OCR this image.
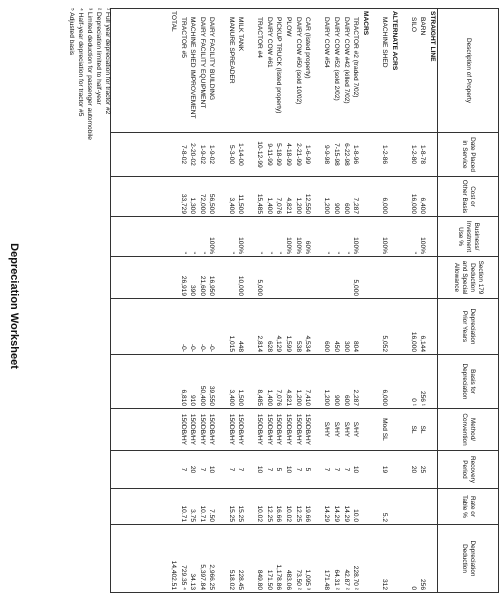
Depreciation Worksheet
Description of Property	Date Placed in Service	Cost or Other Basis	Business/ Investment Use %	Section 179 Deduction and Special Allowance	Depreciation Prior Years	Basis for Depreciation	Method/ Convention	Recovery Period	Rate or Table %	Depreciation Deduction
STRAIGHT LINE										
BARN	1-8-78	6,400	100%		6,144	256 ¹	SL	25		256
SILO	1-2-80	16,000	"		16,000	0 ¹	SL	20		0

ALTERNATE ACRS										
MACHINE SHED	1-2-86	6,000	100%		5,052	6,000	Mod SL	19	5.2	312

MACRS										
TRACTOR #2 (traded 7/02)	1-8-96	7,287	100%	5,000	804	2,287	S/HY	10	10.0	228.70 ²
DAIRY COW #42 (killed 7/02)	6-22-98	600	"		300	600	S/HY	7	14.29	42.87 ²
DAIRY COW #52 (sold 2/02)	7-15-98	900	"		450	900	S/HY	7	14.29	64.31 ²
DAIRY COW #54	9-9-98	1,200	"		600	1,200	S/HY	7	14.29	171.48

CAR (listed property)	1-6-99	12,550	60%		4,534	7,410	150DB/HY	5	19.66	1,095 ³
DAIRY COW #50 (sold 10/02)	2-21-99	1,200	100%		538	1,200	150DB/HY	7	12.25	73.50 ²
PLOW	4-18-99	4,821	100%		1,599	4,821	150DB/HY	10	10.02	483.06
PICKUP TRUCK (listed property)	5-18-99	7,076	"		4,129	7,076	150DB/HY	5	16.66	1,178.86
DAIRY COW #61	9-11-99	1,400	"		628	1,400	150DB/HY	7	12.25	171.50
TRACTOR #4	10-12-99	15,485	"	5,000	2,814	8,485	150DB/HY	10	10.02	849.80

MILK TANK	1-14-00	11,500	100%	10,000	448	1,500	150DB/HY	7	15.25	228.45
MANURE SPREADER	5-3-00	3,400	"		1,015	3,400	150DB/HY	7	15.25	518.02

DAIRY FACILITY BUILDING	1-9-02	56,500	100%	16,950	-0-	39,550	150DB/HY	10	7.50	2,966.25
DAIRY FACILITY EQUIPMENT	1-9-02	72,000	"	21,600	-0-	50,400	150DB/HY	7	10.71	5,397.84
MACHINE SHED IMPROVEMENT	2-20-02	1,300	"	390	-0-	910	150DB/HY	20	3.75	34.13
TRACTOR #5	7-8-02	33,729	"	26,919	-0-	6,810	150DB/HY	7	10.71	729.35 ⁴
TOTAL										14,402.51

¹ Full year depreciation for tractor #2
² Depreciation limited to half-year
³ Limited deduction for passenger automobile
⁴ Half-year depreciation for tractor #5
⁵ Adjusted basis
